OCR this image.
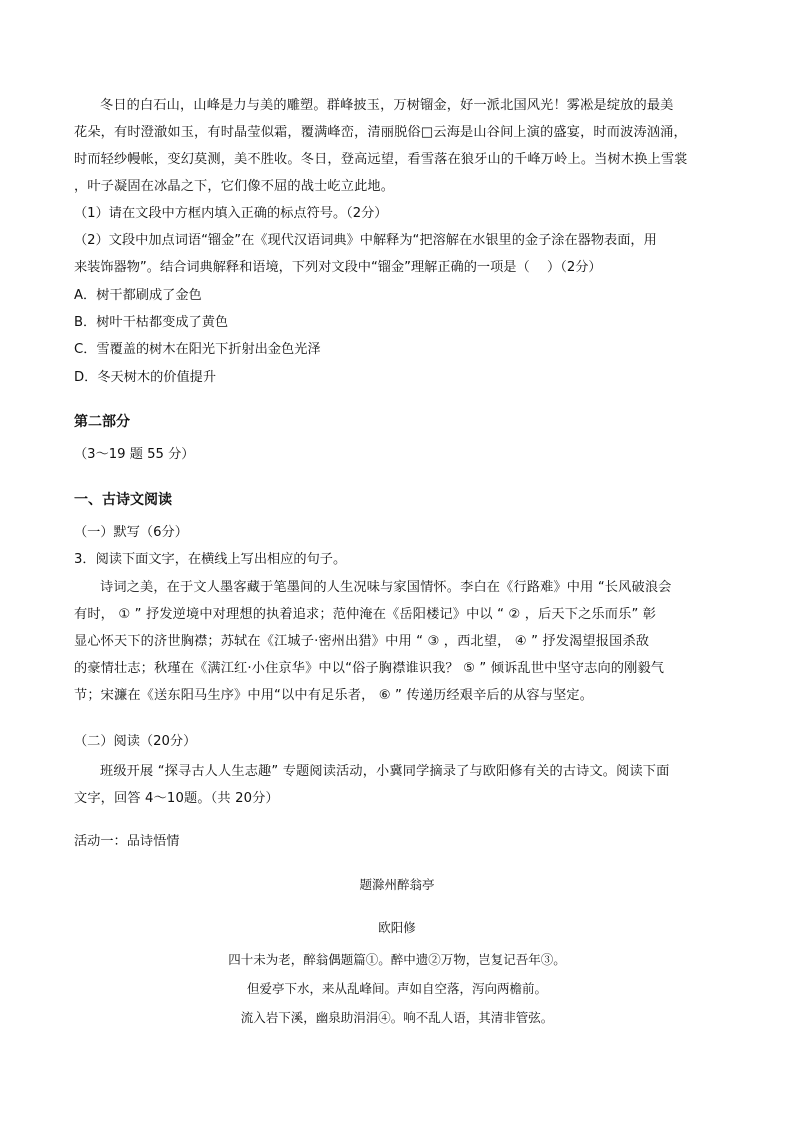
冬日的白石山，山峰是力与美的雕塑。群峰披玉，万树镏金，好一派北国风光！雾凇是绽放的最美
花朵，有时澄澈如玉，有时晶莹似霜，覆满峰峦，清丽脱俗□云海是山谷间上演的盛宴，时而波涛汹涌，
时而轻纱幔帐，变幻莫测，美不胜收。冬日，登高远望，看雪落在狼牙山的千峰万岭上。当树木换上雪裳
，叶子凝固在冰晶之下，它们像不屈的战士屹立此地。
（1）请在文段中方框内填入正确的标点符号。（2分）
（2）文段中加点词语“镏金”在《现代汉语词典》中解释为“把溶解在水银里的金子涂在器物表面，用
来装饰器物”。结合词典解释和语境，下列对文段中“镏金”理解正确的一项是（　 ）（2分）
A．树干都刷成了金色
B．树叶干枯都变成了黄色
C．雪覆盖的树木在阳光下折射出金色光泽
D．冬天树木的价值提升
第二部分
（3～19 题 55 分）
一、古诗文阅读
（一）默写（6分）
3．阅读下面文字，在横线上写出相应的句子。
诗词之美，在于文人墨客藏于笔墨间的人生况味与家国情怀。李白在《行路难》中用 “长风破浪会
有时， ① ” 抒发逆境中对理想的执着追求；范仲淹在《岳阳楼记》中以 “ ② ，后天下之乐而乐” 彰
显心怀天下的济世胸襟；苏轼在《江城子·密州出猎》中用 “ ③ ，西北望， ④ ” 抒发渴望报国杀敌
的豪情壮志；秋瑾在《满江红·小住京华》中以“俗子胸襟谁识我？ ⑤ ” 倾诉乱世中坚守志向的刚毅气
节；宋濂在《送东阳马生序》中用“以中有足乐者， ⑥ ” 传递历经艰辛后的从容与坚定。
（二）阅读（20分）
班级开展 “探寻古人人生志趣” 专题阅读活动，小冀同学摘录了与欧阳修有关的古诗文。阅读下面
文字，回答 4～10题。（共 20分）
活动一：品诗悟情
题滁州醉翁亭
欧阳修
四十未为老，醉翁偶题篇①。醉中遗②万物，岂复记吾年③。
但爱亭下水，来从乱峰间。声如自空落，泻向两檐前。
流入岩下溪，幽泉助涓涓④。响不乱人语，其清非管弦。
